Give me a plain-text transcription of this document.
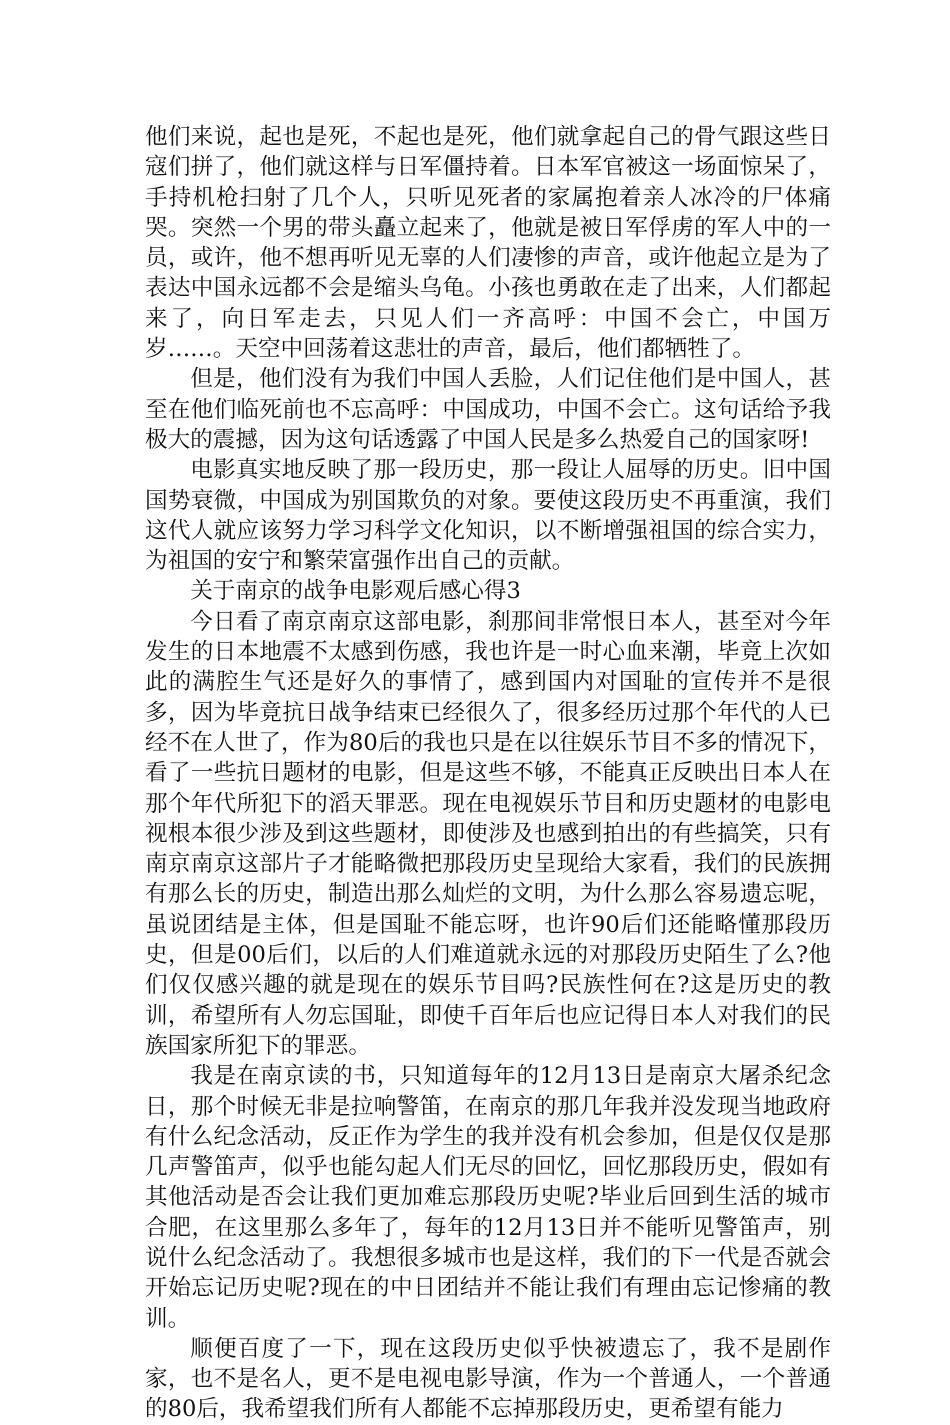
他们来说，起也是死，不起也是死，他们就拿起自己的骨气跟这些日寇们拼了，他们就这样与日军僵持着。日本军官被这一场面惊呆了，手持机枪扫射了几个人，只听见死者的家属抱着亲人冰冷的尸体痛哭。突然一个男的带头矗立起来了，他就是被日军俘虏的军人中的一员，或许，他不想再听见无辜的人们凄惨的声音，或许他起立是为了表达中国永远都不会是缩头乌龟。小孩也勇敢在走了出来，人们都起来了，向日军走去，只见人们一齐高呼：中国不会亡，中国万岁……。天空中回荡着这悲壮的声音，最后，他们都牺牲了。

但是，他们没有为我们中国人丢脸，人们记住他们是中国人，甚至在他们临死前也不忘高呼：中国成功，中国不会亡。这句话给予我极大的震撼，因为这句话透露了中国人民是多么热爱自己的国家呀!

电影真实地反映了那一段历史，那一段让人屈辱的历史。旧中国国势衰微，中国成为别国欺负的对象。要使这段历史不再重演，我们这代人就应该努力学习科学文化知识，以不断增强祖国的综合实力，为祖国的安宁和繁荣富强作出自己的贡献。

关于南京的战争电影观后感心得3

今日看了南京南京这部电影，刹那间非常恨日本人，甚至对今年发生的日本地震不太感到伤感，我也许是一时心血来潮，毕竟上次如此的满腔生气还是好久的事情了，感到国内对国耻的宣传并不是很多，因为毕竟抗日战争结束已经很久了，很多经历过那个年代的人已经不在人世了，作为80后的我也只是在以往娱乐节目不多的情况下，看了一些抗日题材的电影，但是这些不够，不能真正反映出日本人在那个年代所犯下的滔天罪恶。现在电视娱乐节目和历史题材的电影电视根本很少涉及到这些题材，即使涉及也感到拍出的有些搞笑，只有南京南京这部片子才能略微把那段历史呈现给大家看，我们的民族拥有那么长的历史，制造出那么灿烂的文明，为什么那么容易遗忘呢，虽说团结是主体，但是国耻不能忘呀，也许90后们还能略懂那段历史，但是00后们，以后的人们难道就永远的对那段历史陌生了么?他们仅仅感兴趣的就是现在的娱乐节目吗?民族性何在?这是历史的教训，希望所有人勿忘国耻，即使千百年后也应记得日本人对我们的民族国家所犯下的罪恶。

我是在南京读的书，只知道每年的12月13日是南京大屠杀纪念日，那个时候无非是拉响警笛，在南京的那几年我并没发现当地政府有什么纪念活动，反正作为学生的我并没有机会参加，但是仅仅是那几声警笛声，似乎也能勾起人们无尽的回忆，回忆那段历史，假如有其他活动是否会让我们更加难忘那段历史呢?毕业后回到生活的城市合肥，在这里那么多年了，每年的12月13日并不能听见警笛声，别说什么纪念活动了。我想很多城市也是这样，我们的下一代是否就会开始忘记历史呢?现在的中日团结并不能让我们有理由忘记惨痛的教训。

顺便百度了一下，现在这段历史似乎快被遗忘了，我不是剧作家，也不是名人，更不是电视电影导演，作为一个普通人，一个普通的80后，我希望我们所有人都能不忘掉那段历史，更希望有能力
